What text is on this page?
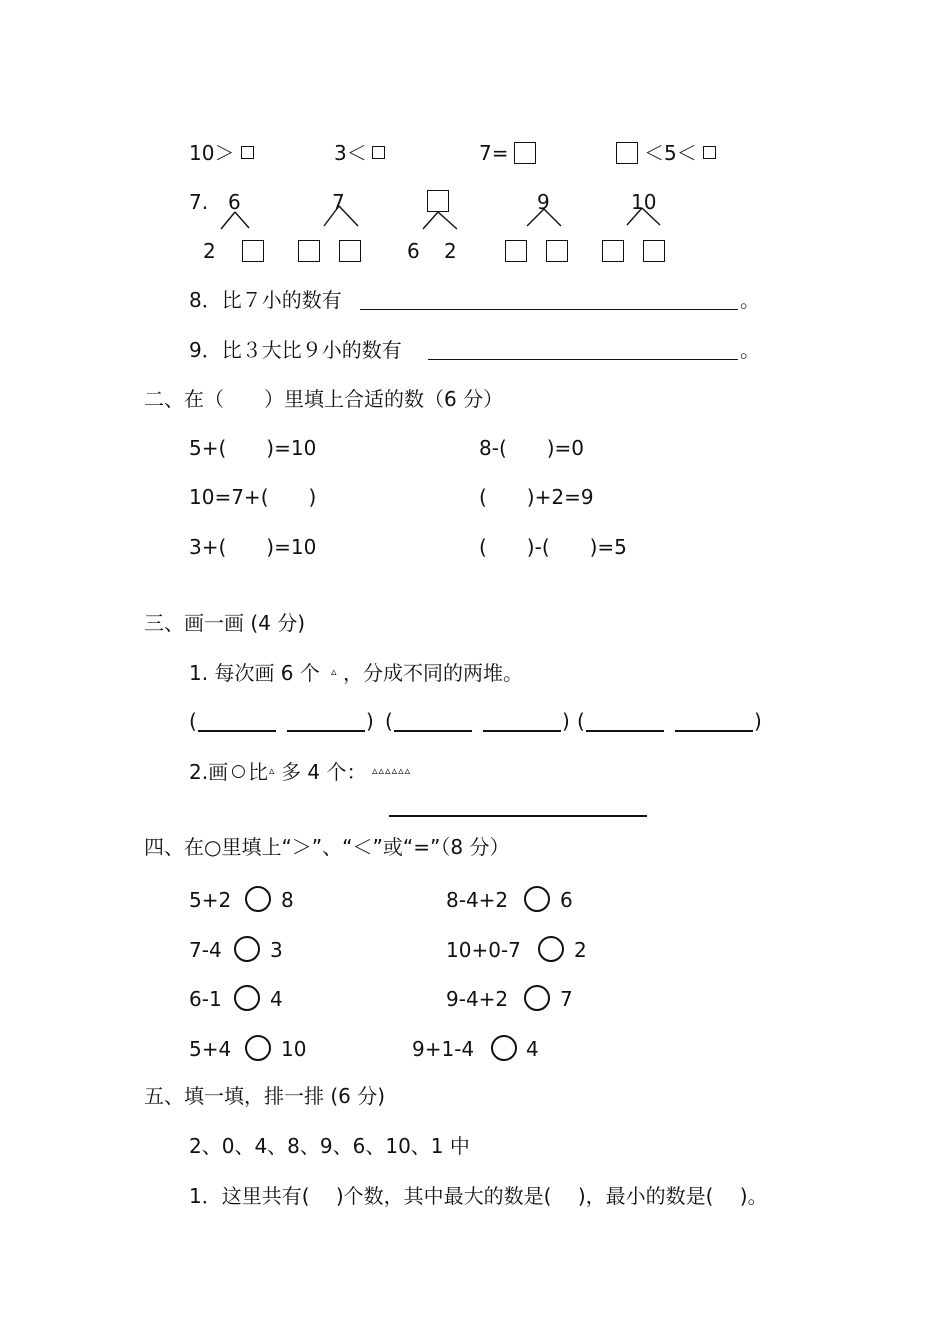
10＞	3＜	7=	＜5＜
7. 6	7	9	10
2	6 2
8．比７小的数有	。
9．比３大比９小的数有	。
二、在（　　）里填上合适的数（6 分）
5+(　　)=10	8-(　　)=0
10=7+(　　)	(　　)+2=9
3+(　　)=10	(　　)-(　　)=5
三、画一画 (4 分)
1. 每次画 6 个 ▵ ，分成不同的两堆。
(	) (	) (	)
2.画 ○ 比 ▵ 多 4 个： ▵▵▵▵▵▵
四、在○里填上“＞”、“＜”或“=”（8 分）
5+2 8	8-4+2	6
7-4 3	10+0-7	2
6-1 4	9-4+2	7
5+4 10	9+1-4	4
五、填一填，排一排 (6 分)
2、0、4、8、9、6、10、1 中
1．这里共有(　 )个数，其中最大的数是(　 )，最小的数是(　 )。
